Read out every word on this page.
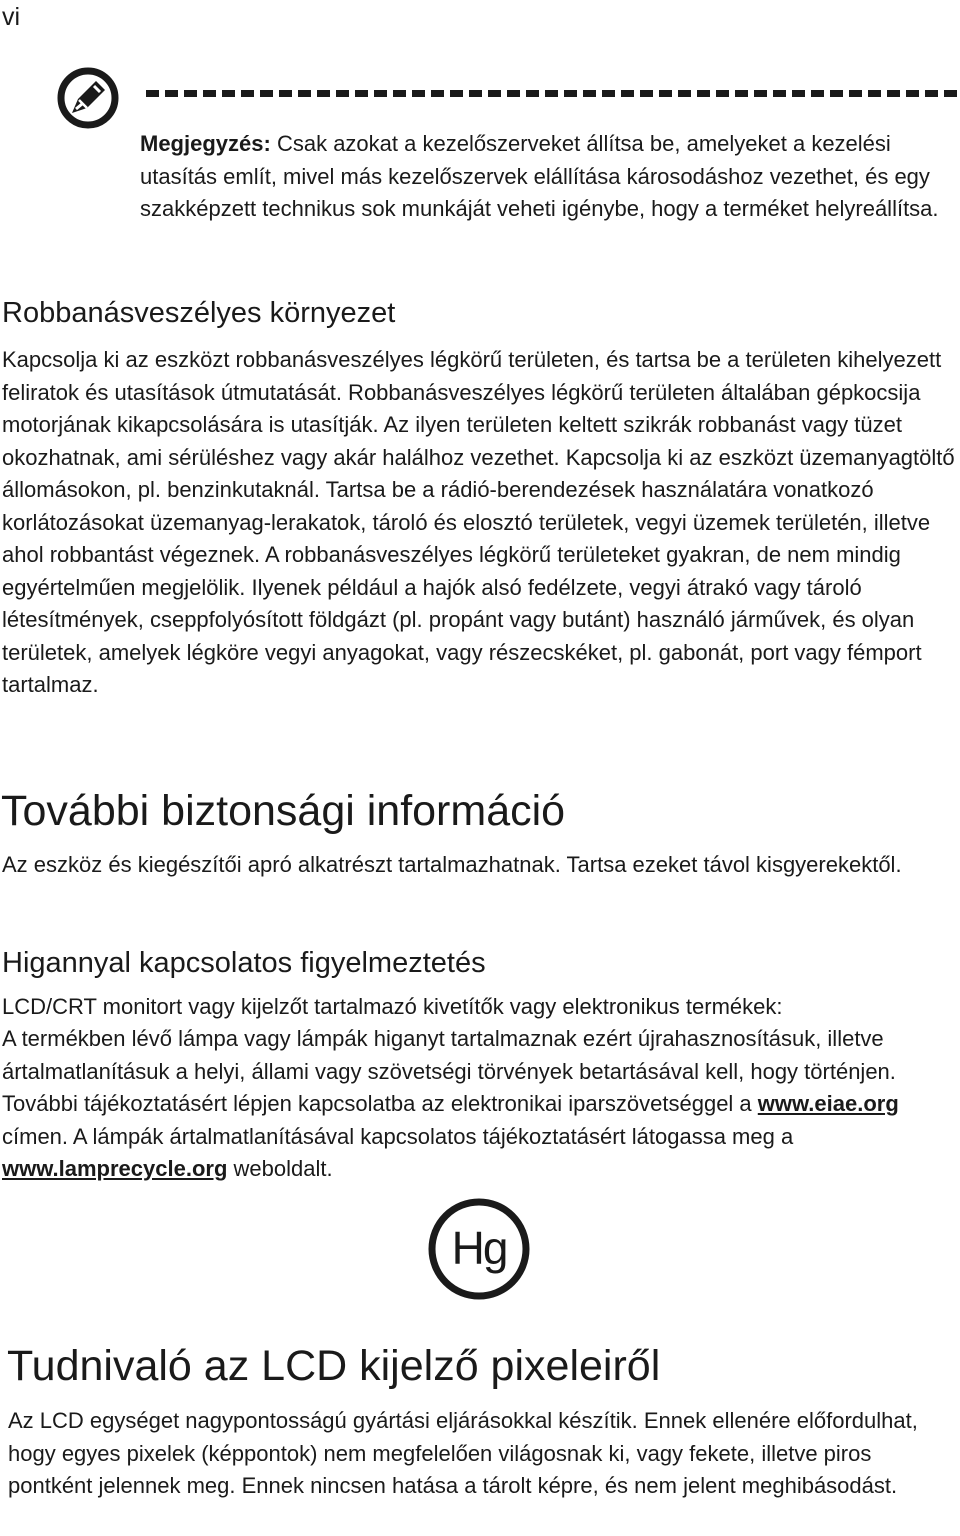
vi

Megjegyzés: Csak azokat a kezelőszerveket állítsa be, amelyeket a kezelési utasítás említ, mivel más kezelőszervek elállítása károsodáshoz vezethet, és egy szakképzett technikus sok munkáját veheti igénybe, hogy a terméket helyreállítsa.

Robbanásveszélyes környezet

Kapcsolja ki az eszközt robbanásveszélyes légkörű területen, és tartsa be a területen kihelyezett feliratok és utasítások útmutatását. Robbanásveszélyes légkörű területen általában gépkocsija motorjának kikapcsolására is utasítják. Az ilyen területen keltett szikrák robbanást vagy tüzet okozhatnak, ami sérüléshez vagy akár halálhoz vezethet. Kapcsolja ki az eszközt üzemanyagtöltő állomásokon, pl. benzinkutaknál. Tartsa be a rádió-berendezések használatára vonatkozó korlátozásokat üzemanyag-lerakatok, tároló és elosztó területek, vegyi üzemek területén, illetve ahol robbantást végeznek. A robbanásveszélyes légkörű területeket gyakran, de nem mindig egyértelműen megjelölik. Ilyenek például a hajók alsó fedélzete, vegyi átrakó vagy tároló létesítmények, cseppfolyósított földgázt (pl. propánt vagy butánt) használó járművek, és olyan területek, amelyek légköre vegyi anyagokat, vagy részecskéket, pl. gabonát, port vagy fémport tartalmaz.

További biztonsági információ

Az eszköz és kiegészítői apró alkatrészt tartalmazhatnak. Tartsa ezeket távol kisgyerekektől.

Higannyal kapcsolatos figyelmeztetés

LCD/CRT monitort vagy kijelzőt tartalmazó kivetítők vagy elektronikus termékek:

A termékben lévő lámpa vagy lámpák higanyt tartalmaznak ezért újrahasznosításuk, illetve ártalmatlanításuk a helyi, állami vagy szövetségi törvények betartásával kell, hogy történjen. További tájékoztatásért lépjen kapcsolatba az elektronikai iparszövetséggel a www.eiae.org címen. A lámpák ártalmatlanításával kapcsolatos tájékoztatásért látogassa meg a www.lamprecycle.org weboldalt.

Hg
Tudnivaló az LCD kijelző pixeleiről

Az LCD egységet nagypontosságú gyártási eljárásokkal készítik. Ennek ellenére előfordulhat, hogy egyes pixelek (képpontok) nem megfelelően világosnak ki, vagy fekete, illetve piros pontként jelennek meg. Ennek nincsen hatása a tárolt képre, és nem jelent meghibásodást.
